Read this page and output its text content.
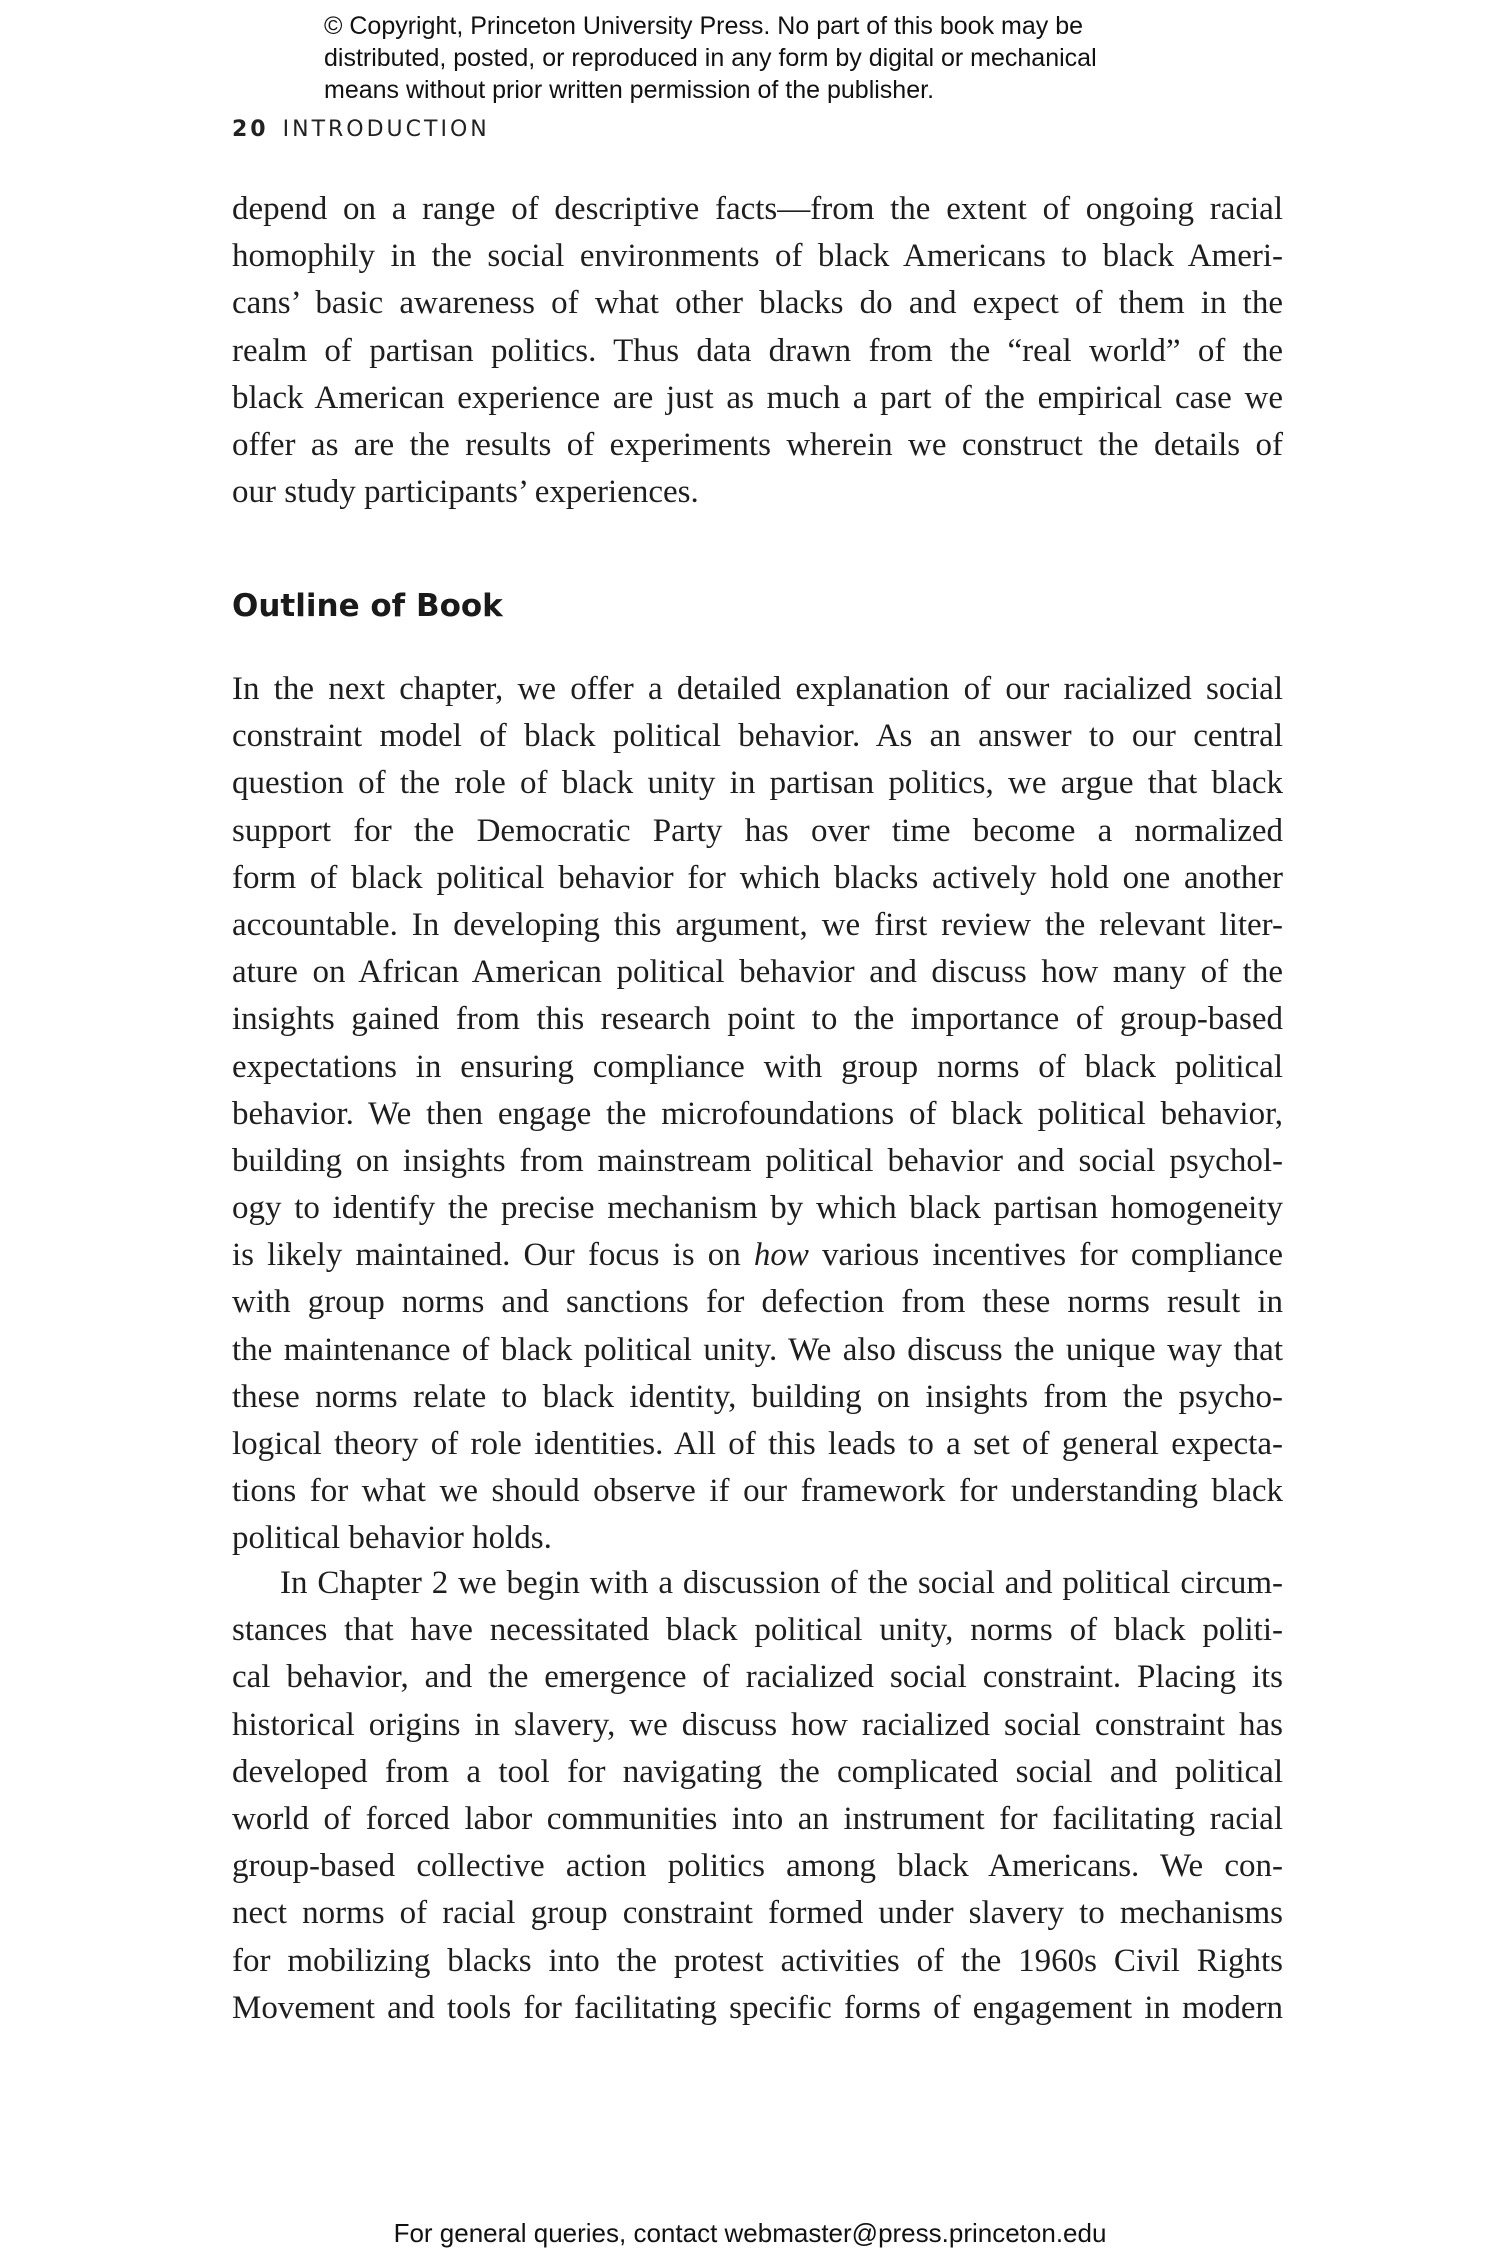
© Copyright, Princeton University Press. No part of this book may be
distributed, posted, or reproduced in any form by digital or mechanical
means without prior written permission of the publisher.
20 INTRODUCTION
depend on a range of descriptive facts—from the extent of ongoing racial
homophily in the social environments of black Americans to black Ameri-
cans’ basic awareness of what other blacks do and expect of them in the
realm of partisan politics. Thus data drawn from the “real world” of the
black American experience are just as much a part of the empirical case we
offer as are the results of experiments wherein we construct the details of
our study participants’ experiences.
Outline of Book
In the next chapter, we offer a detailed explanation of our racialized social
constraint model of black political behavior. As an answer to our central
question of the role of black unity in partisan politics, we argue that black
support for the Democratic Party has over time become a normalized
form of black political behavior for which blacks actively hold one another
accountable. In developing this argument, we first review the relevant liter-
ature on African American political behavior and discuss how many of the
insights gained from this research point to the importance of group-based
expectations in ensuring compliance with group norms of black political
behavior. We then engage the microfoundations of black political behavior,
building on insights from mainstream political behavior and social psychol-
ogy to identify the precise mechanism by which black partisan homogeneity
is likely maintained. Our focus is on how various incentives for compliance
with group norms and sanctions for defection from these norms result in
the maintenance of black political unity. We also discuss the unique way that
these norms relate to black identity, building on insights from the psycho-
logical theory of role identities. All of this leads to a set of general expecta-
tions for what we should observe if our framework for understanding black
political behavior holds.
In Chapter 2 we begin with a discussion of the social and political circum-
stances that have necessitated black political unity, norms of black politi-
cal behavior, and the emergence of racialized social constraint. Placing its
historical origins in slavery, we discuss how racialized social constraint has
developed from a tool for navigating the complicated social and political
world of forced labor communities into an instrument for facilitating racial
group-based collective action politics among black Americans. We con-
nect norms of racial group constraint formed under slavery to mechanisms
for mobilizing blacks into the protest activities of the 1960s Civil Rights
Movement and tools for facilitating specific forms of engagement in modern
For general queries, contact webmaster@press.princeton.edu
